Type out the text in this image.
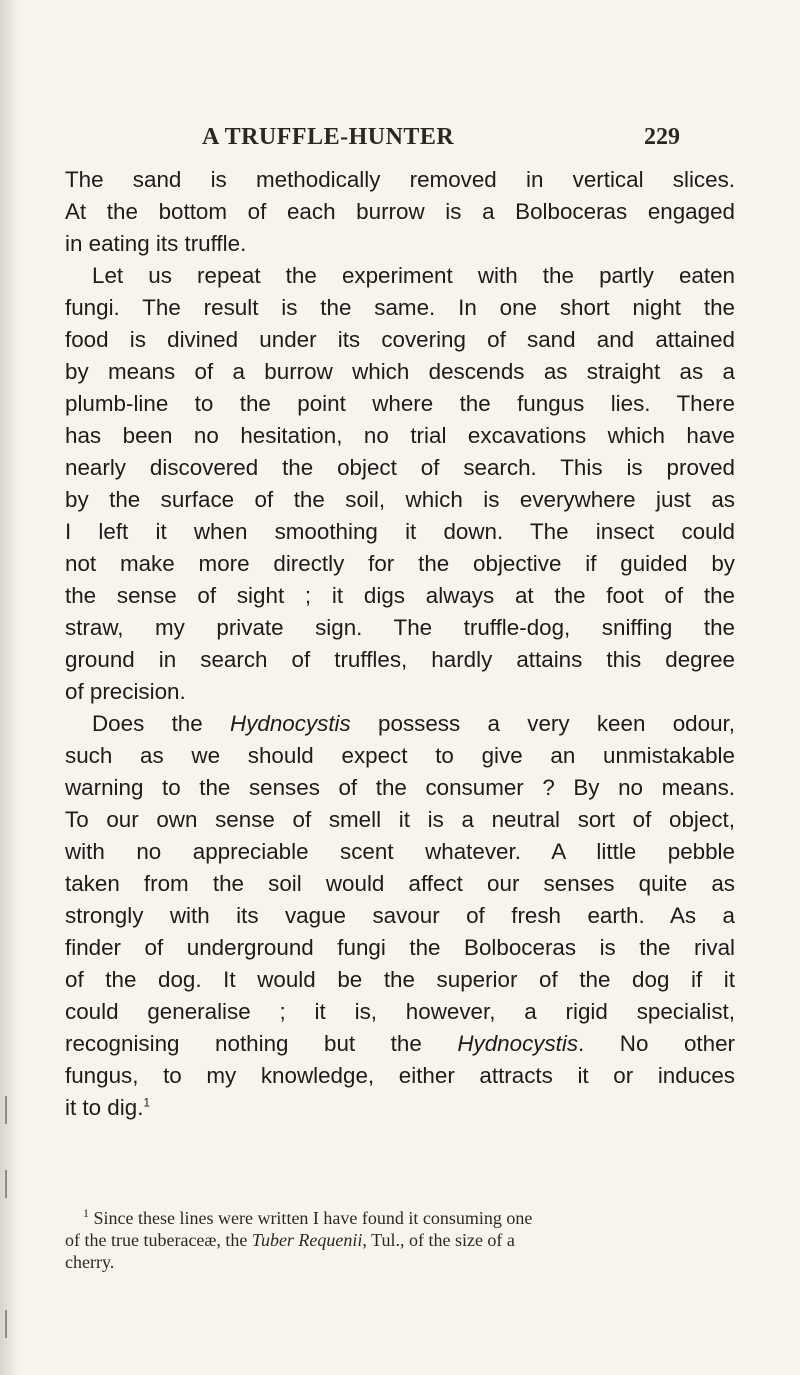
A TRUFFLE-HUNTER	229
The sand is methodically removed in vertical slices.
At the bottom of each burrow is a Bolboceras engaged
in eating its truffle.
Let us repeat the experiment with the partly eaten
fungi. The result is the same. In one short night the
food is divined under its covering of sand and attained
by means of a burrow which descends as straight as a
plumb-line to the point where the fungus lies. There
has been no hesitation, no trial excavations which have
nearly discovered the object of search. This is proved
by the surface of the soil, which is everywhere just as
I left it when smoothing it down. The insect could
not make more directly for the objective if guided by
the sense of sight ; it digs always at the foot of the
straw, my private sign. The truffle-dog, sniffing the
ground in search of truffles, hardly attains this degree
of precision.
Does the Hydnocystis possess a very keen odour,
such as we should expect to give an unmistakable
warning to the senses of the consumer ? By no means.
To our own sense of smell it is a neutral sort of object,
with no appreciable scent whatever. A little pebble
taken from the soil would affect our senses quite as
strongly with its vague savour of fresh earth. As a
finder of underground fungi the Bolboceras is the rival
of the dog. It would be the superior of the dog if it
could generalise ; it is, however, a rigid specialist,
recognising nothing but the Hydnocystis. No other
fungus, to my knowledge, either attracts it or induces
it to dig.$^1$
$^1$ Since these lines were written I have found it consuming one
of the true tuberaceæ, the Tuber Requenii, Tul., of the size of a
cherry.
